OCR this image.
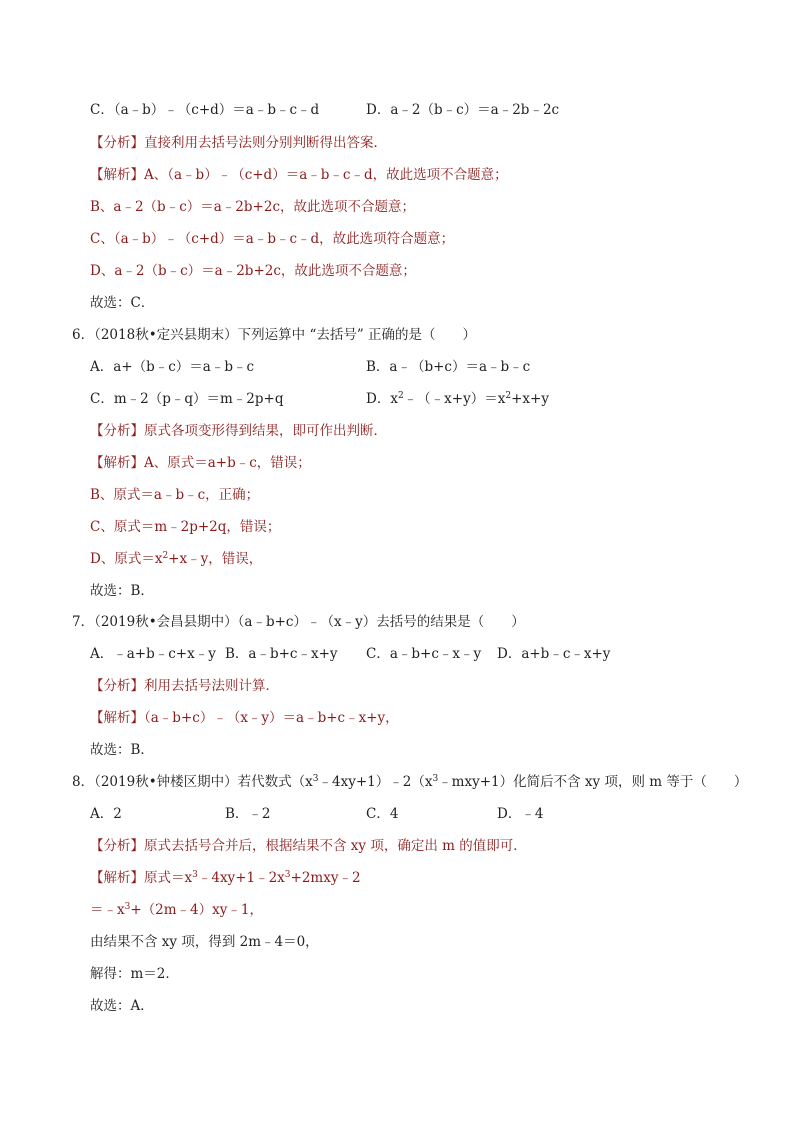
C．（a﹣b）﹣（c+d）＝a﹣b﹣c﹣d	D．a﹣2（b﹣c）＝a﹣2b﹣2c
【分析】直接利用去括号法则分别判断得出答案．
【解析】A、（a﹣b）﹣（c+d）＝a﹣b﹣c﹣d，故此选项不合题意；
B、a﹣2（b﹣c）＝a﹣2b+2c，故此选项不合题意；
C、（a﹣b）﹣（c+d）＝a﹣b﹣c﹣d，故此选项符合题意；
D、a﹣2（b﹣c）＝a﹣2b+2c，故此选项不合题意；
故选：C．
6．（2018秋•定兴县期末）下列运算中 “去括号” 正确的是（　　）
A．a+（b﹣c）＝a﹣b﹣c	B．a﹣（b+c）＝a﹣b﹣c
C．m﹣2（p﹣q）＝m﹣2p+q	D．$x^2﹣(﹣x+y)=x^2+x+y$
【分析】原式各项变形得到结果，即可作出判断．
【解析】A、原式＝a+b﹣c，错误；
B、原式＝a﹣b﹣c，正确；
C、原式＝m﹣2p+2q，错误；
D、原式$=x^2+x﹣y$，错误，
故选：B．
7．（2019秋•会昌县期中）（a﹣b+c）﹣（x﹣y）去括号的结果是（　　）
A．﹣a+b﹣c+x﹣y B．a﹣b+c﹣x+y C．a﹣b+c﹣x﹣y D．a+b﹣c﹣x+y
【分析】利用去括号法则计算．
【解析】（a﹣b+c）﹣（x﹣y）＝a﹣b+c﹣x+y，
故选：B．
8．（2019秋•钟楼区期中）若代数式$(x^3﹣4xy+1)﹣2(x^3﹣mxy+1)$化简后不含 xy 项，则 m 等于（　　）
A．2	B．﹣2	C．4	D．﹣4
【分析】原式去括号合并后，根据结果不含 xy 项，确定出 m 的值即可．
【解析】原式$=x^3﹣4xy+1﹣2x^3+2mxy﹣2$
$=﹣x^3+(2m﹣4)xy﹣1$，
由结果不含 xy 项，得到 2m﹣4＝0，
解得：m＝2．
故选：A．
